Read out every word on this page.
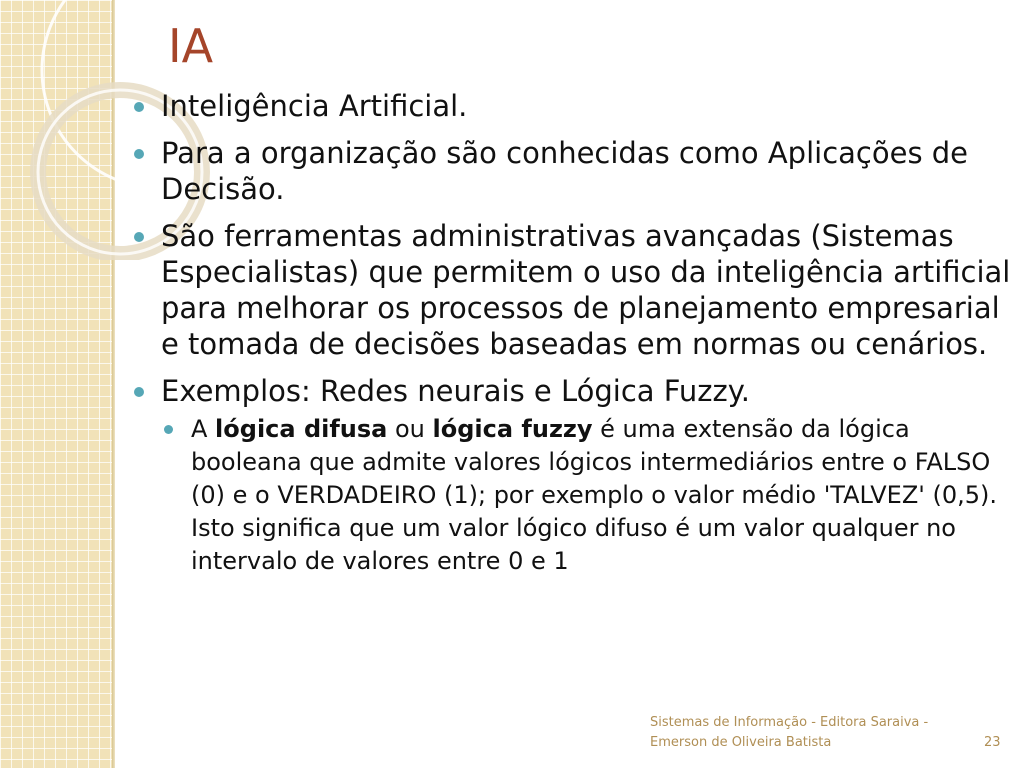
IA
Inteligência Artificial.
Para a organização são conhecidas como Aplicações de Decisão.
São ferramentas administrativas avançadas (Sistemas Especialistas) que permitem o uso da inteligência artificial para melhorar os processos de planejamento empresarial e tomada de decisões baseadas em normas ou cenários.
Exemplos: Redes neurais e Lógica Fuzzy.
A lógica difusa ou lógica fuzzy é uma extensão da lógica booleana que admite valores lógicos intermediários entre o FALSO (0) e o VERDADEIRO (1); por exemplo o valor médio 'TALVEZ' (0,5). Isto significa que um valor lógico difuso é um valor qualquer no intervalo de valores entre 0 e 1
Sistemas de Informação - Editora Saraiva -
Emerson de Oliveira Batista	23
